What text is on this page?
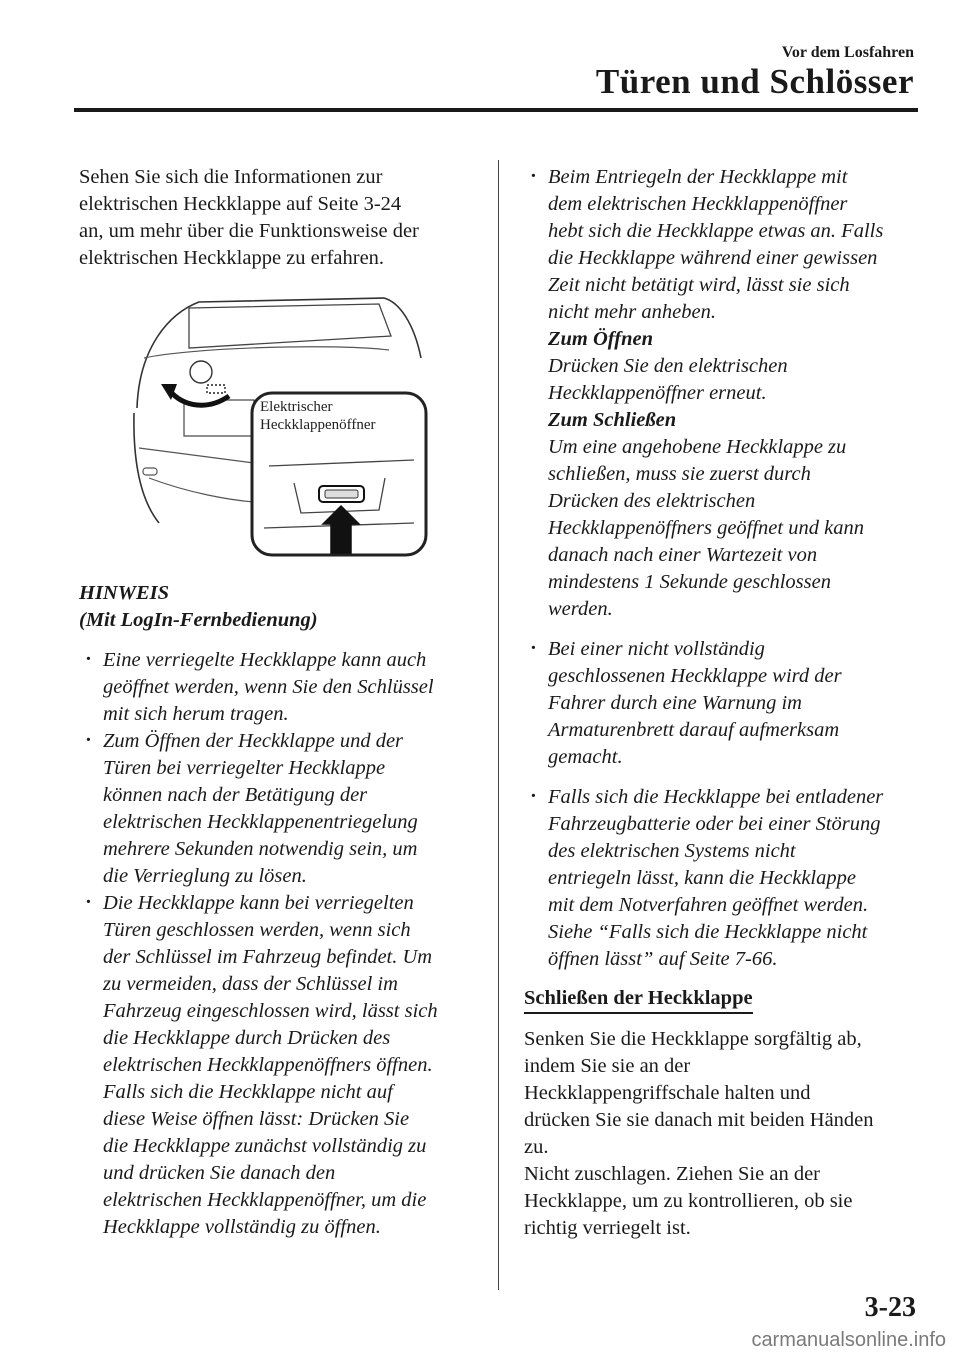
Vor dem Losfahren
Türen und Schlösser

Sehen Sie sich die Informationen zur

elektrischen Heckklappe auf Seite 3-24

an, um mehr über die Funktionsweise der

elektrischen Heckklappe zu erfahren.

Elektrischer
Heckklappenöffner
HINWEIS
(Mit LogIn-Fernbedienung)
· Eine verriegelte Heckklappe kann auch
geöffnet werden, wenn Sie den Schlüssel
mit sich herum tragen.
· Zum Öffnen der Heckklappe und der
Türen bei verriegelter Heckklappe
können nach der Betätigung der
elektrischen Heckklappenentriegelung
mehrere Sekunden notwendig sein, um
die Verrieglung zu lösen.
· Die Heckklappe kann bei verriegelten
Türen geschlossen werden, wenn sich
der Schlüssel im Fahrzeug befindet. Um
zu vermeiden, dass der Schlüssel im
Fahrzeug eingeschlossen wird, lässt sich
die Heckklappe durch Drücken des
elektrischen Heckklappenöffners öffnen.
Falls sich die Heckklappe nicht auf
diese Weise öffnen lässt: Drücken Sie
die Heckklappe zunächst vollständig zu
und drücken Sie danach den
elektrischen Heckklappenöffner, um die
Heckklappe vollständig zu öffnen.
· Beim Entriegeln der Heckklappe mit
dem elektrischen Heckklappenöffner
hebt sich die Heckklappe etwas an. Falls
die Heckklappe während einer gewissen
Zeit nicht betätigt wird, lässt sie sich
nicht mehr anheben.
Zum Öffnen
Drücken Sie den elektrischen
Heckklappenöffner erneut.
Zum Schließen
Um eine angehobene Heckklappe zu
schließen, muss sie zuerst durch
Drücken des elektrischen
Heckklappenöffners geöffnet und kann
danach nach einer Wartezeit von
mindestens 1 Sekunde geschlossen
werden.
· Bei einer nicht vollständig
geschlossenen Heckklappe wird der
Fahrer durch eine Warnung im
Armaturenbrett darauf aufmerksam
gemacht.
· Falls sich die Heckklappe bei entladener
Fahrzeugbatterie oder bei einer Störung
des elektrischen Systems nicht
entriegeln lässt, kann die Heckklappe
mit dem Notverfahren geöffnet werden.
Siehe “Falls sich die Heckklappe nicht
öffnen lässt” auf Seite 7-66.
Schließen der Heckklappe
Senken Sie die Heckklappe sorgfältig ab,
indem Sie sie an der
Heckklappengriffschale halten und
drücken Sie sie danach mit beiden Händen
zu.
Nicht zuschlagen. Ziehen Sie an der
Heckklappe, um zu kontrollieren, ob sie
richtig verriegelt ist.
3-23
carmanualsonline.info
